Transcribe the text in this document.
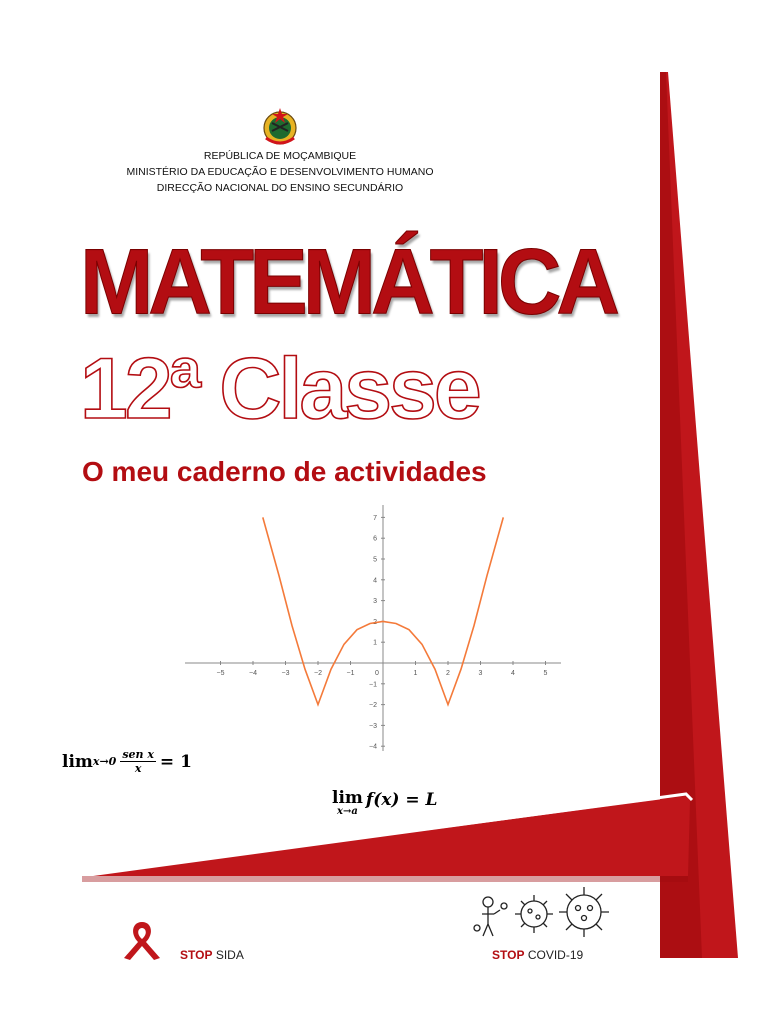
REPÚBLICA DE MOÇAMBIQUE
MINISTÉRIO DA EDUCAÇÃO E DESENVOLVIMENTO HUMANO
DIRECÇÃO NACIONAL DO ENSINO SECUNDÁRIO
MATEMÁTICA
12ª Classe
O meu caderno de actividades
−5	−4	−3	−2	−1	1	2	3	4	5
0
−4
−3
−2
−1
1
2
3
4
5
6
7
$\lim x\to 0 \frac{\text{sen x}}{x} = 1$
lim
x→a
f(x) = L
STOP SIDA	STOP COVID-19
